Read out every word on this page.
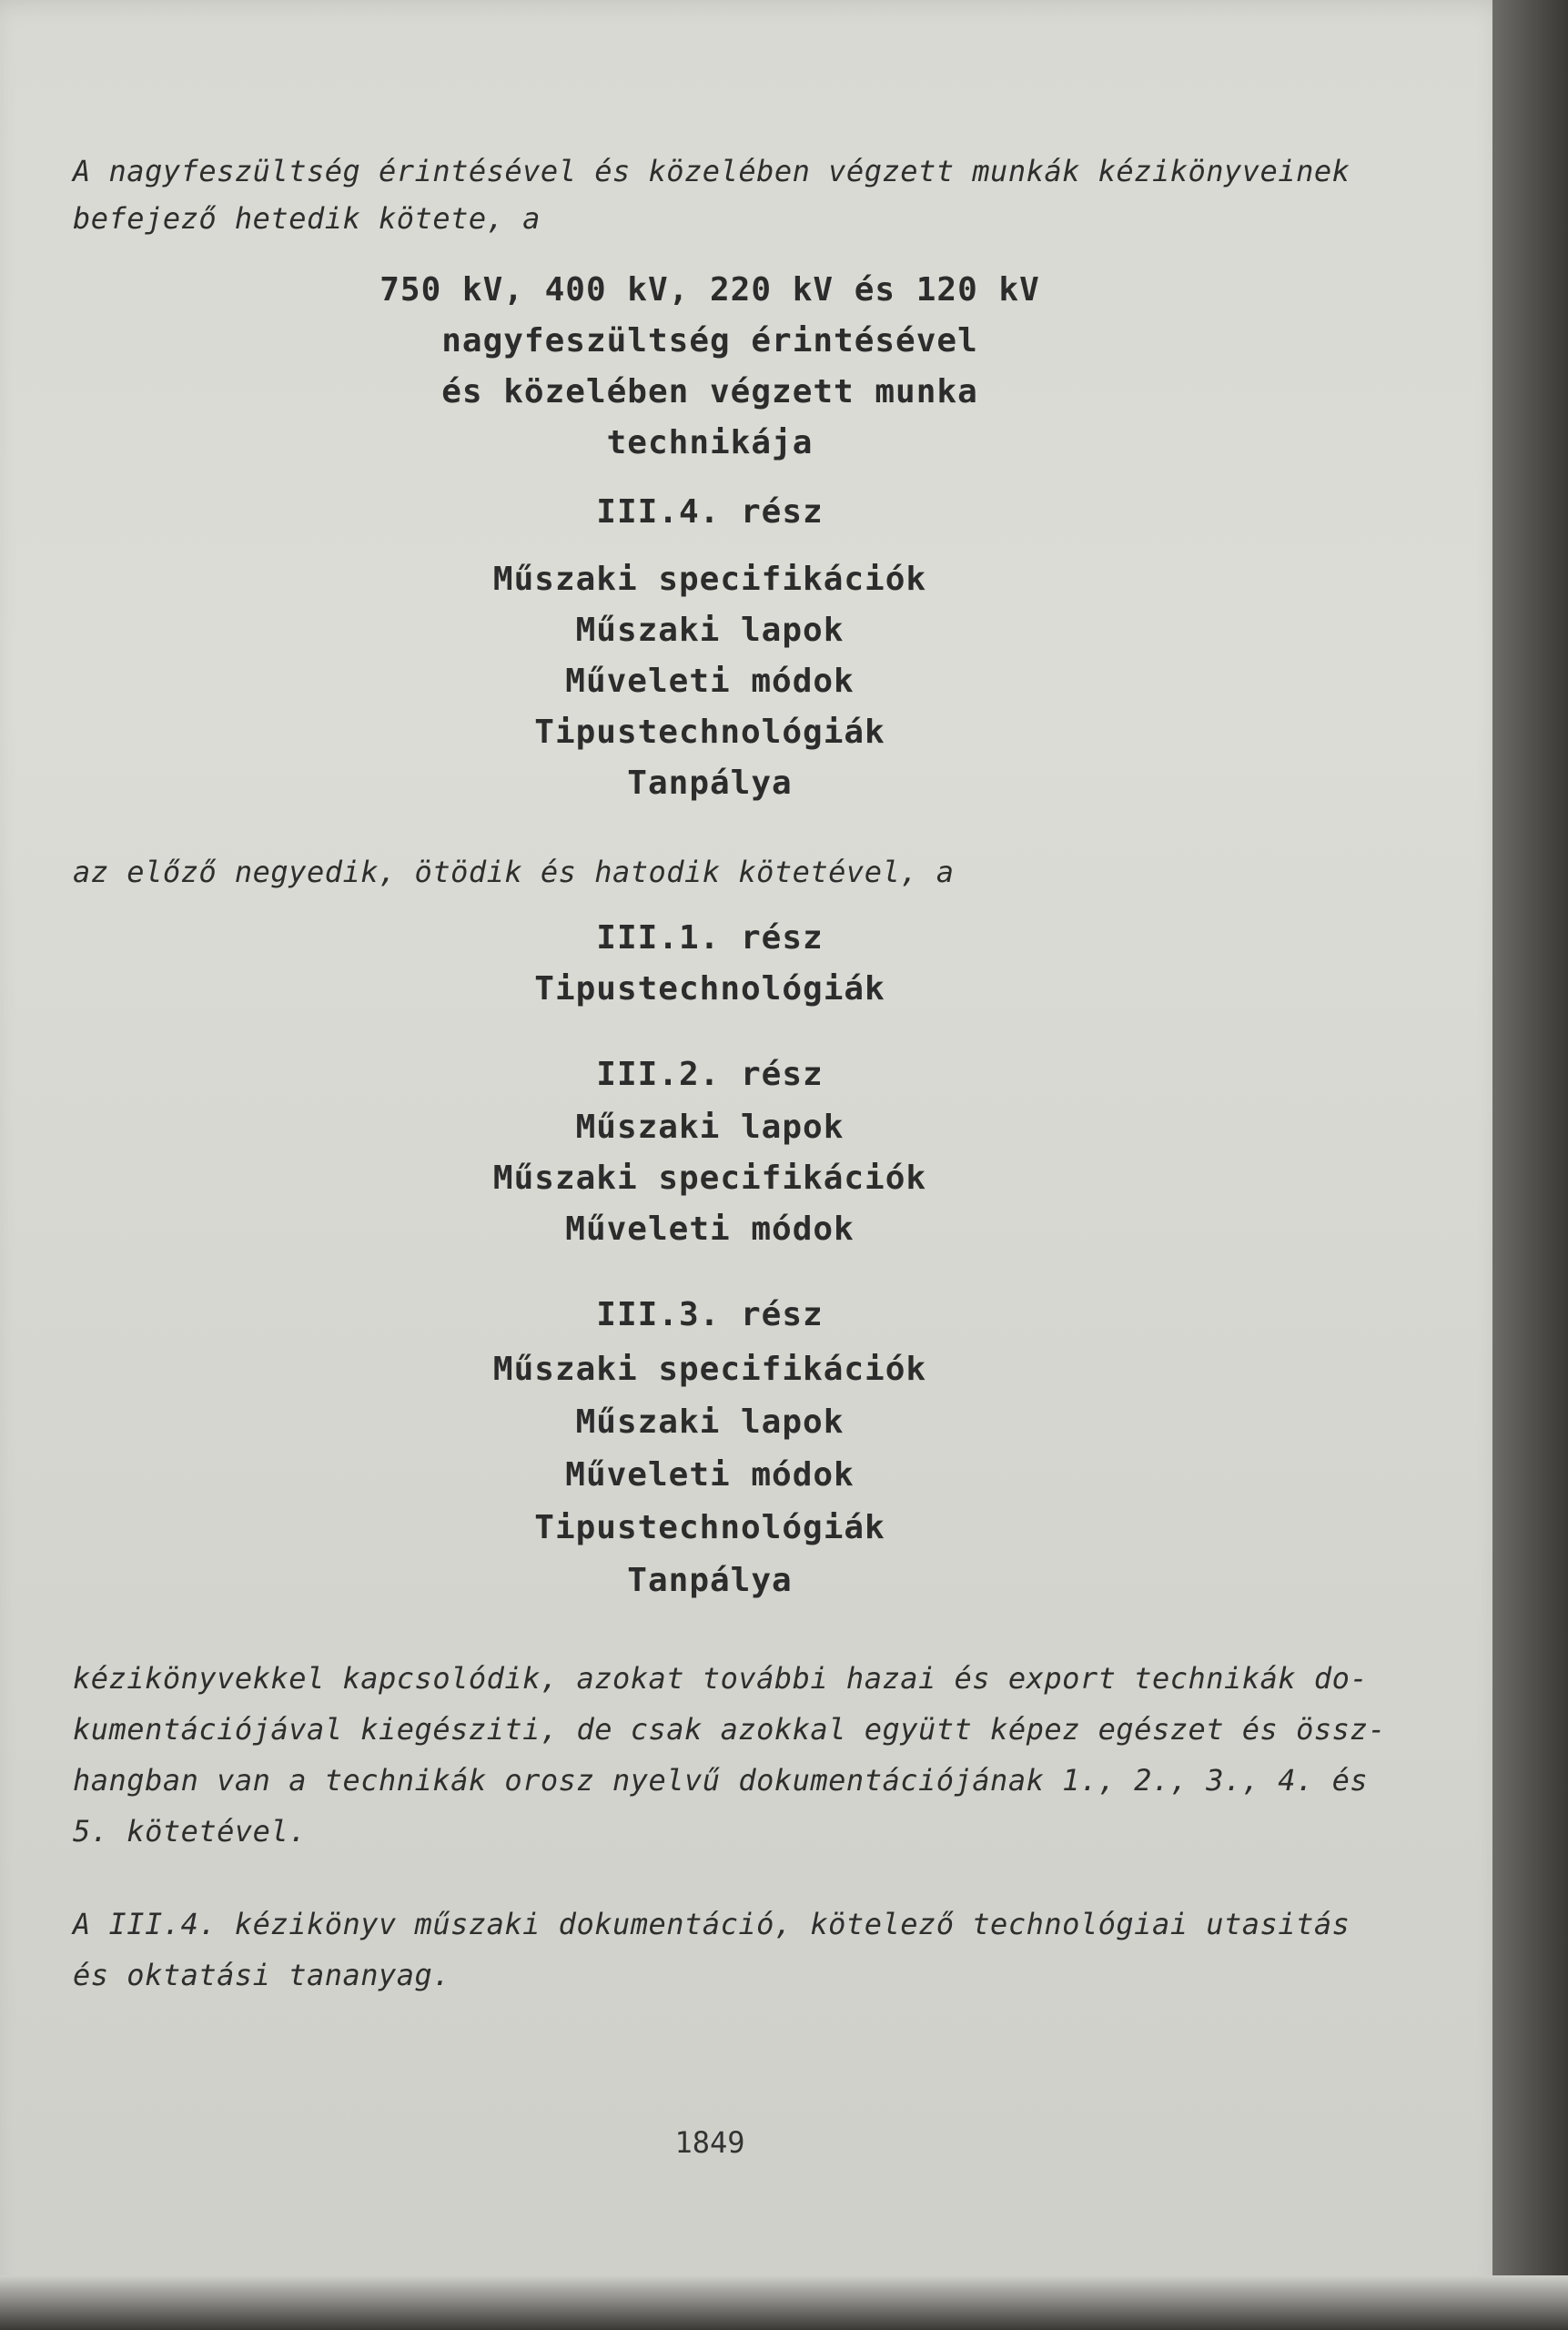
A nagyfeszültség érintésével és közelében végzett munkák kézikönyveinek
befejező hetedik kötete, a
750 kV, 400 kV, 220 kV és 120 kV
nagyfeszültség érintésével
és közelében végzett munka
technikája
III.4. rész
Műszaki specifikációk
Műszaki lapok
Műveleti módok
Tipustechnológiák
Tanpálya
az előző negyedik, ötödik és hatodik kötetével, a
III.1. rész
Tipustechnológiák
III.2. rész
Műszaki lapok
Műszaki specifikációk
Műveleti módok
III.3. rész
Műszaki specifikációk
Műszaki lapok
Műveleti módok
Tipustechnológiák
Tanpálya
kézikönyvekkel kapcsolódik, azokat további hazai és export technikák do-
kumentációjával kiegésziti, de csak azokkal együtt képez egészet és össz-
hangban van a technikák orosz nyelvű dokumentációjának 1., 2., 3., 4. és
5. kötetével.
A III.4. kézikönyv műszaki dokumentáció, kötelező technológiai utasitás
és oktatási tananyag.
1849
